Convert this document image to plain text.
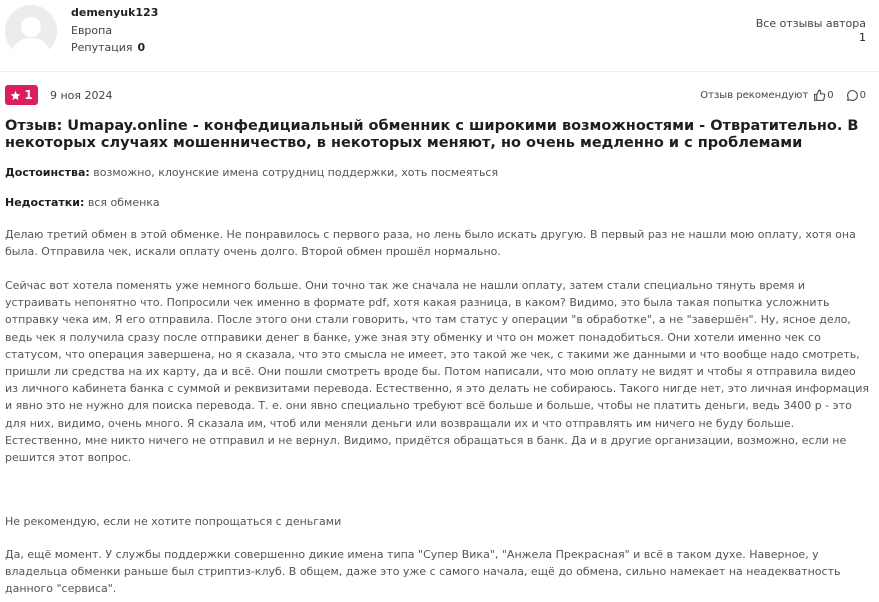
demenyuk123
Европа
Репутация 0
Все отзывы автора
1
1 9 ноя 2024	Отзыв рекомендуют 0	0
Отзыв: Umapay.online - конфедициальный обменник с широкими возможностями - Отвратительно. В некоторых случаях мошенничество, в некоторых меняют, но очень медленно и с проблемами

Достоинства: возможно, клоунские имена сотрудниц поддержки, хоть посмеяться

Недостатки: вся обменка

Делаю третий обмен в этой обменке. Не понравилось с первого раза, но лень было искать другую. В первый раз не нашли мою оплату, хотя она была. Отправила чек, искали оплату очень долго. Второй обмен прошёл нормально.

Сейчас вот хотела поменять уже немного больше. Они точно так же сначала не нашли оплату, затем стали специально тянуть время и устраивать непонятно что. Попросили чек именно в формате pdf, хотя какая разница, в каком? Видимо, это была такая попытка усложнить отправку чека им. Я его отправила. После этого они стали говорить, что там статус у операции "в обработке", а не "завершён". Ну, ясное дело, ведь чек я получила сразу после отправики денег в банке, уже зная эту обменку и что он может понадобиться. Они хотели именно чек со статусом, что операция завершена, но я сказала, что это смысла не имеет, это такой же чек, с такими же данными и что вообще надо смотреть, пришли ли средства на их карту, да и всё. Они пошли смотреть вроде бы. Потом написали, что мою оплату не видят и чтобы я отправила видео из личного кабинета банка с суммой и реквизитами перевода. Естественно, я это делать не собираюсь. Такого нигде нет, это личная информация и явно это не нужно для поиска перевода. Т. е. они явно специально требуют всё больше и больше, чтобы не платить деньги, ведь 3400 р - это для них, видимо, очень много. Я сказала им, чтоб или меняли деньги или возвращали их и что отправлять им ничего не буду больше. Естественно, мне никто ничего не отправил и не вернул. Видимо, придётся обращаться в банк. Да и в другие организации, возможно, если не решится этот вопрос.

Не рекомендую, если не хотите попрощаться с деньгами

Да, ещё момент. У службы поддержки совершенно дикие имена типа "Супер Вика", "Анжела Прекрасная" и всё в таком духе. Наверное, у владельца обменки раньше был стриптиз-клуб. В общем, даже это уже с самого начала, ещё до обмена, сильно намекает на неадекватность данного "сервиса".
